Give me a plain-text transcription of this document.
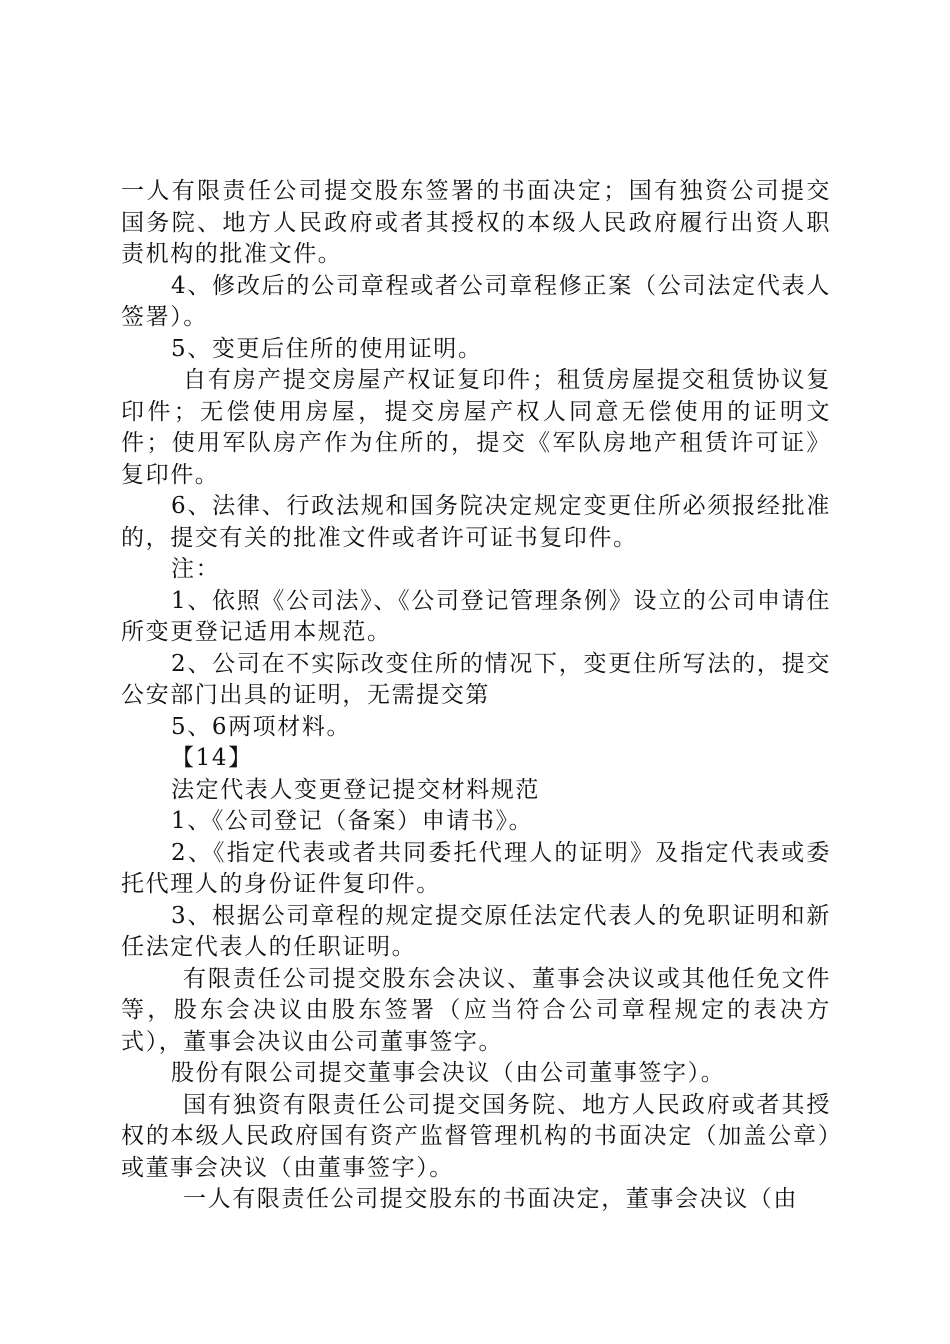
一人有限责任公司提交股东签署的书面决定；国有独资公司提交国务院、地方人民政府或者其授权的本级人民政府履行出资人职责机构的批准文件。

4、修改后的公司章程或者公司章程修正案（公司法定代表人签署）。

5、变更后住所的使用证明。

自有房产提交房屋产权证复印件；租赁房屋提交租赁协议复印件；无偿使用房屋，提交房屋产权人同意无偿使用的证明文件；使用军队房产作为住所的，提交《军队房地产租赁许可证》复印件。

6、法律、行政法规和国务院决定规定变更住所必须报经批准的，提交有关的批准文件或者许可证书复印件。

注：

1、依照《公司法》、《公司登记管理条例》设立的公司申请住所变更登记适用本规范。

2、公司在不实际改变住所的情况下，变更住所写法的，提交公安部门出具的证明，无需提交第

5、6两项材料。

【14】

法定代表人变更登记提交材料规范

1、《公司登记（备案）申请书》。

2、《指定代表或者共同委托代理人的证明》及指定代表或委托代理人的身份证件复印件。

3、根据公司章程的规定提交原任法定代表人的免职证明和新任法定代表人的任职证明。

有限责任公司提交股东会决议、董事会决议或其他任免文件等，股东会决议由股东签署（应当符合公司章程规定的表决方式），董事会决议由公司董事签字。

股份有限公司提交董事会决议（由公司董事签字）。

国有独资有限责任公司提交国务院、地方人民政府或者其授权的本级人民政府国有资产监督管理机构的书面决定（加盖公章）或董事会决议（由董事签字）。

一人有限责任公司提交股东的书面决定，董事会决议（由
